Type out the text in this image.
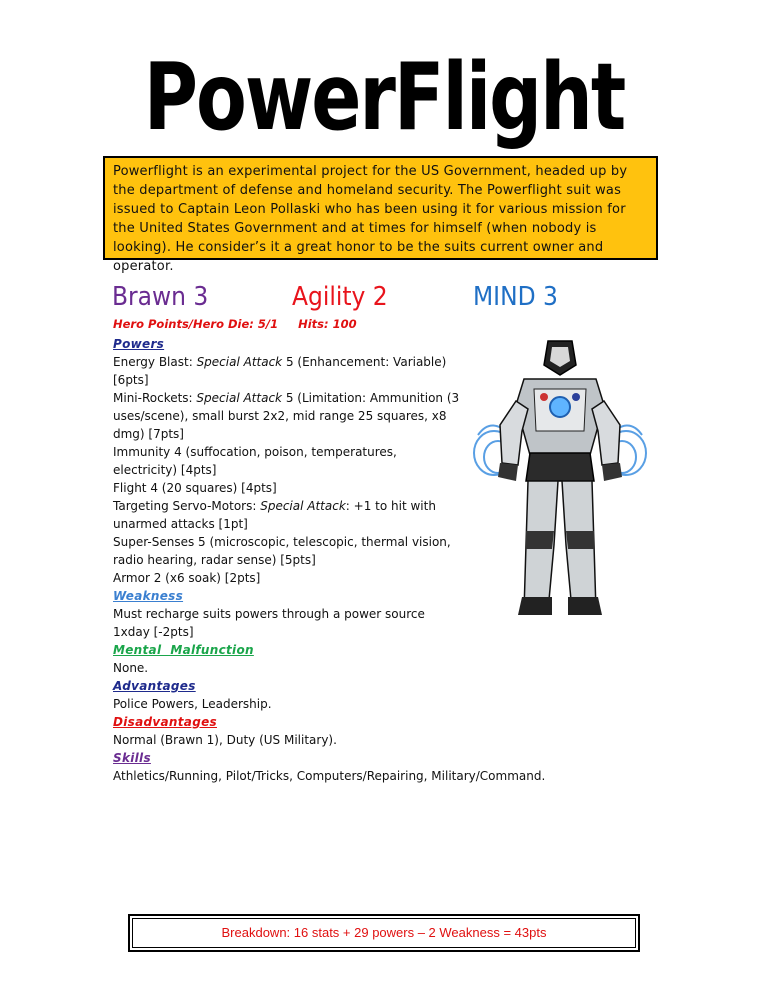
PowerFlight
Powerflight is an experimental project for the US Government, headed up by the department of defense and homeland security. The Powerflight suit was issued to Captain Leon Pollaski who has been using it for various mission for the United States Government and at times for himself (when nobody is looking). He consider’s it a great honor to be the suits current owner and operator.
Brawn 3	Agility 2	MIND 3
Hero Points/Hero Die: 5/1     Hits: 100
Powers
Energy Blast: Special Attack 5 (Enhancement: Variable) [6pts]
Mini-Rockets: Special Attack 5 (Limitation: Ammunition (3 uses/scene), small burst 2x2, mid range 25 squares, x8 dmg) [7pts]
Immunity 4 (suffocation, poison, temperatures, electricity) [4pts]
Flight 4 (20 squares) [4pts]
Targeting Servo-Motors: Special Attack: +1 to hit with unarmed attacks [1pt]
Super-Senses 5 (microscopic, telescopic, thermal vision, radio hearing, radar sense) [5pts]
Armor 2 (x6 soak) [2pts]
Weakness
Must recharge suits powers through a power source 1xday [-2pts]
Mental  Malfunction
None.
Advantages
Police Powers, Leadership.
Disadvantages
Normal (Brawn 1), Duty (US Military).
Skills
Athletics/Running, Pilot/Tricks, Computers/Repairing, Military/Command.
Breakdown: 16 stats + 29 powers – 2 Weakness = 43pts
